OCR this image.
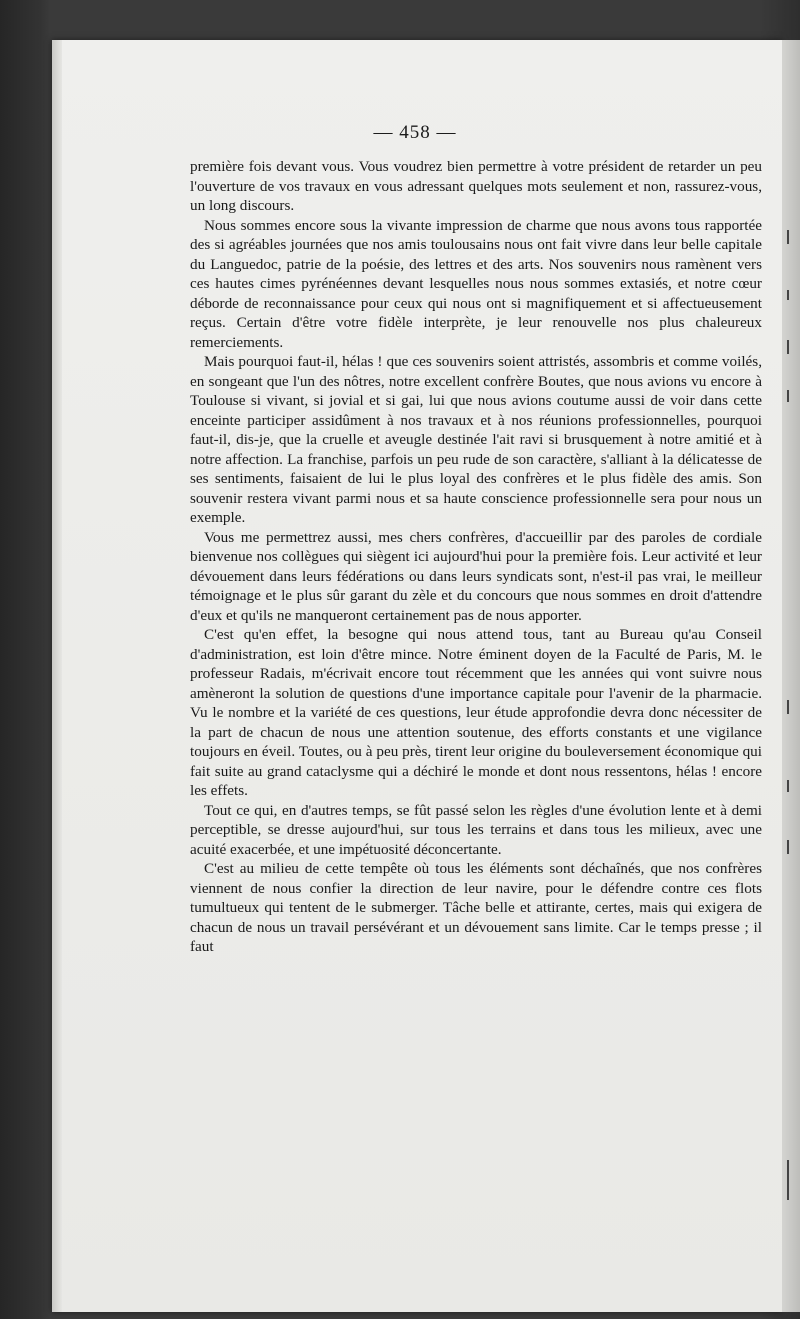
— 458 —

première fois devant vous. Vous voudrez bien permettre à votre président de retarder un peu l'ouverture de vos travaux en vous adressant quelques mots seulement et non, rassurez-vous, un long discours.

Nous sommes encore sous la vivante impression de charme que nous avons tous rapportée des si agréables journées que nos amis toulousains nous ont fait vivre dans leur belle capitale du Languedoc, patrie de la poésie, des lettres et des arts. Nos souvenirs nous ramènent vers ces hautes cimes pyrénéennes devant lesquelles nous nous sommes extasiés, et notre cœur déborde de reconnaissance pour ceux qui nous ont si magnifiquement et si affectueusement reçus. Certain d'être votre fidèle interprète, je leur renouvelle nos plus chaleureux remerciements.

Mais pourquoi faut-il, hélas ! que ces souvenirs soient attristés, assombris et comme voilés, en songeant que l'un des nôtres, notre excellent confrère Boutes, que nous avions vu encore à Toulouse si vivant, si jovial et si gai, lui que nous avions coutume aussi de voir dans cette enceinte participer assidûment à nos travaux et à nos réunions professionnelles, pourquoi faut-il, dis-je, que la cruelle et aveugle destinée l'ait ravi si brusquement à notre amitié et à notre affection. La franchise, parfois un peu rude de son caractère, s'alliant à la délicatesse de ses sentiments, faisaient de lui le plus loyal des confrères et le plus fidèle des amis. Son souvenir restera vivant parmi nous et sa haute conscience professionnelle sera pour nous un exemple.

Vous me permettrez aussi, mes chers confrères, d'accueillir par des paroles de cordiale bienvenue nos collègues qui siègent ici aujourd'hui pour la première fois. Leur activité et leur dévouement dans leurs fédérations ou dans leurs syndicats sont, n'est-il pas vrai, le meilleur témoignage et le plus sûr garant du zèle et du concours que nous sommes en droit d'attendre d'eux et qu'ils ne manqueront certainement pas de nous apporter.

C'est qu'en effet, la besogne qui nous attend tous, tant au Bureau qu'au Conseil d'administration, est loin d'être mince. Notre éminent doyen de la Faculté de Paris, M. le professeur Radais, m'écrivait encore tout récemment que les années qui vont suivre nous amèneront la solution de questions d'une importance capitale pour l'avenir de la pharmacie. Vu le nombre et la variété de ces questions, leur étude approfondie devra donc nécessiter de la part de chacun de nous une attention soutenue, des efforts constants et une vigilance toujours en éveil. Toutes, ou à peu près, tirent leur origine du bouleversement économique qui fait suite au grand cataclysme qui a déchiré le monde et dont nous ressentons, hélas ! encore les effets.

Tout ce qui, en d'autres temps, se fût passé selon les règles d'une évolution lente et à demi perceptible, se dresse aujourd'hui, sur tous les terrains et dans tous les milieux, avec une acuité exacerbée, et une impétuosité déconcertante.

C'est au milieu de cette tempête où tous les éléments sont déchaînés, que nos confrères viennent de nous confier la direction de leur navire, pour le défendre contre ces flots tumultueux qui tentent de le submerger. Tâche belle et attirante, certes, mais qui exigera de chacun de nous un travail persévérant et un dévouement sans limite. Car le temps presse ; il faut
